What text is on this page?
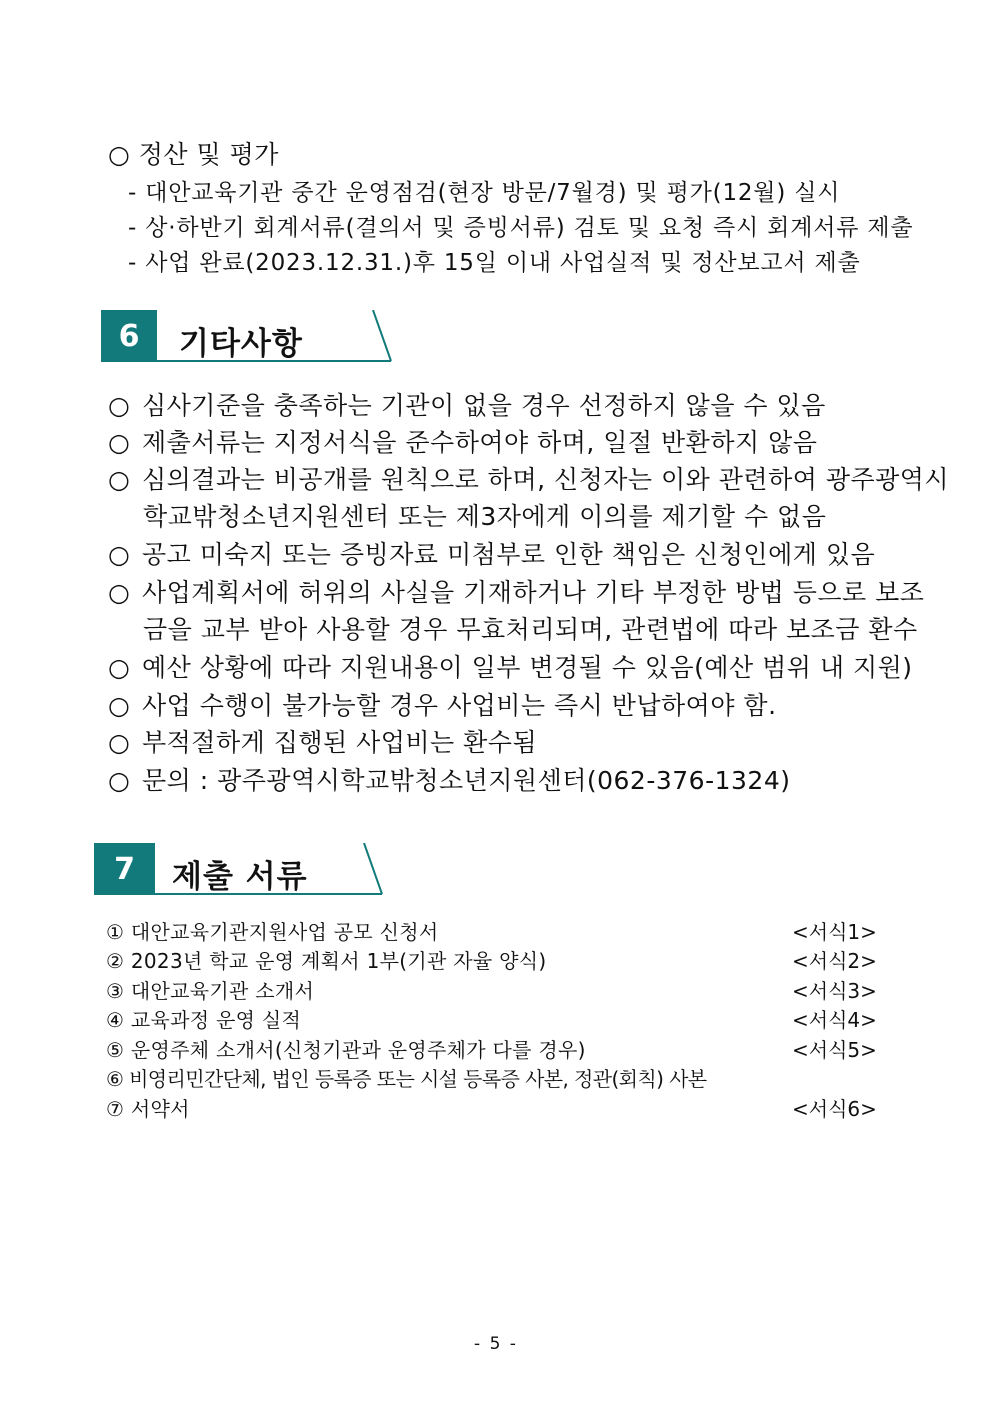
○ 정산 및 평가
- 대안교육기관 중간 운영점검(현장 방문/7월경) 및 평가(12월) 실시
- 상·하반기 회계서류(결의서 및 증빙서류) 검토 및 요청 즉시 회계서류 제출
- 사업 완료(2023.12.31.)후 15일 이내 사업실적 및 정산보고서 제출
6	기타사항
○ 심사기준을 충족하는 기관이 없을 경우 선정하지 않을 수 있음
○ 제출서류는 지정서식을 준수하여야 하며, 일절 반환하지 않음
○ 심의결과는 비공개를 원칙으로 하며, 신청자는 이와 관련하여 광주광역시
학교밖청소년지원센터 또는 제3자에게 이의를 제기할 수 없음
○ 공고 미숙지 또는 증빙자료 미첨부로 인한 책임은 신청인에게 있음
○ 사업계획서에 허위의 사실을 기재하거나 기타 부정한 방법 등으로 보조
금을 교부 받아 사용할 경우 무효처리되며, 관련법에 따라 보조금 환수
○ 예산 상황에 따라 지원내용이 일부 변경될 수 있음(예산 범위 내 지원)
○ 사업 수행이 불가능할 경우 사업비는 즉시 반납하여야 함.
○ 부적절하게 집행된 사업비는 환수됨
○ 문의 : 광주광역시학교밖청소년지원센터(062-376-1324)
7	제출 서류
① 대안교육기관지원사업 공모 신청서	<서식1>
② 2023년 학교 운영 계획서 1부(기관 자율 양식)	<서식2>
③ 대안교육기관 소개서	<서식3>
④ 교육과정 운영 실적	<서식4>
⑤ 운영주체 소개서(신청기관과 운영주체가 다를 경우)	<서식5>
⑥ 비영리민간단체, 법인 등록증 또는 시설 등록증 사본, 정관(회칙) 사본
⑦ 서약서	<서식6>
- 5 -
